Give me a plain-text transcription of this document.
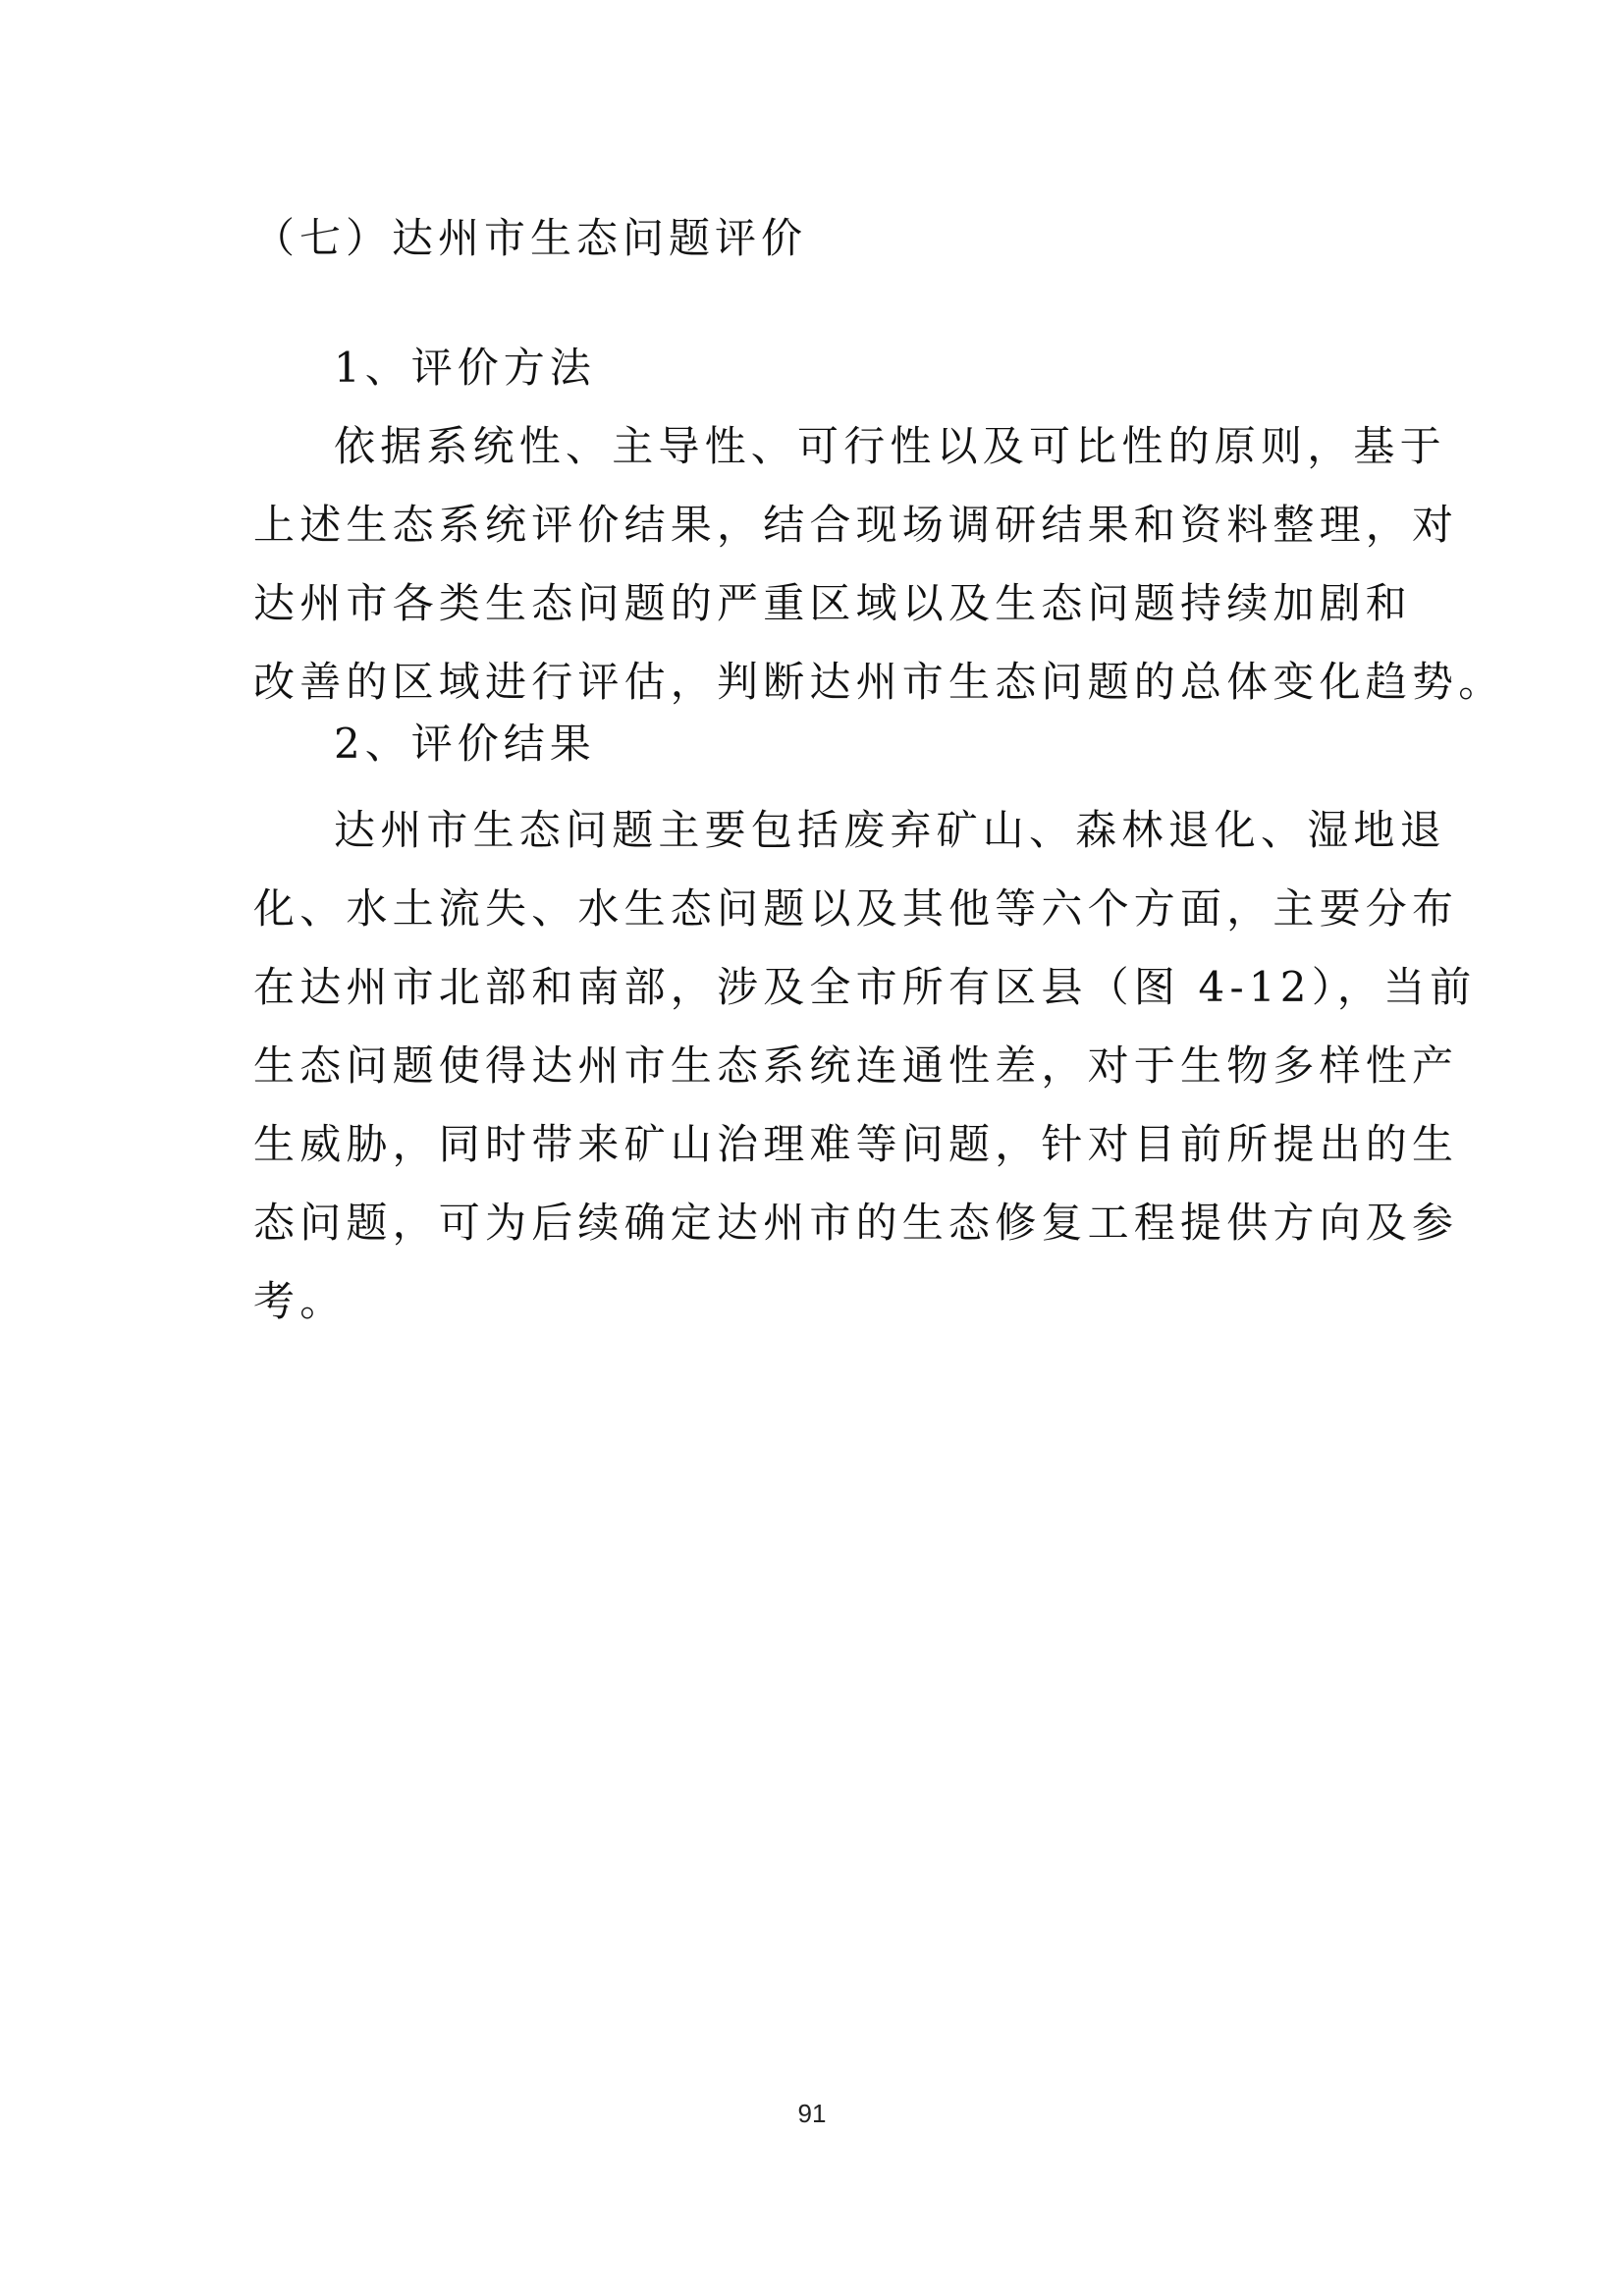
（七）达州市生态问题评价
1、评价方法

依据系统性、主导性、可行性以及可比性的原则，基于
上述生态系统评价结果，结合现场调研结果和资料整理，对
达州市各类生态问题的严重区域以及生态问题持续加剧和
改善的区域进行评估，判断达州市生态问题的总体变化趋势。

2、评价结果

达州市生态问题主要包括废弃矿山、森林退化、湿地退
化、水土流失、水生态问题以及其他等六个方面，主要分布
在达州市北部和南部，涉及全市所有区县（图 4-12），当前
生态问题使得达州市生态系统连通性差，对于生物多样性产
生威胁，同时带来矿山治理难等问题，针对目前所提出的生
态问题，可为后续确定达州市的生态修复工程提供方向及参
考。

91
